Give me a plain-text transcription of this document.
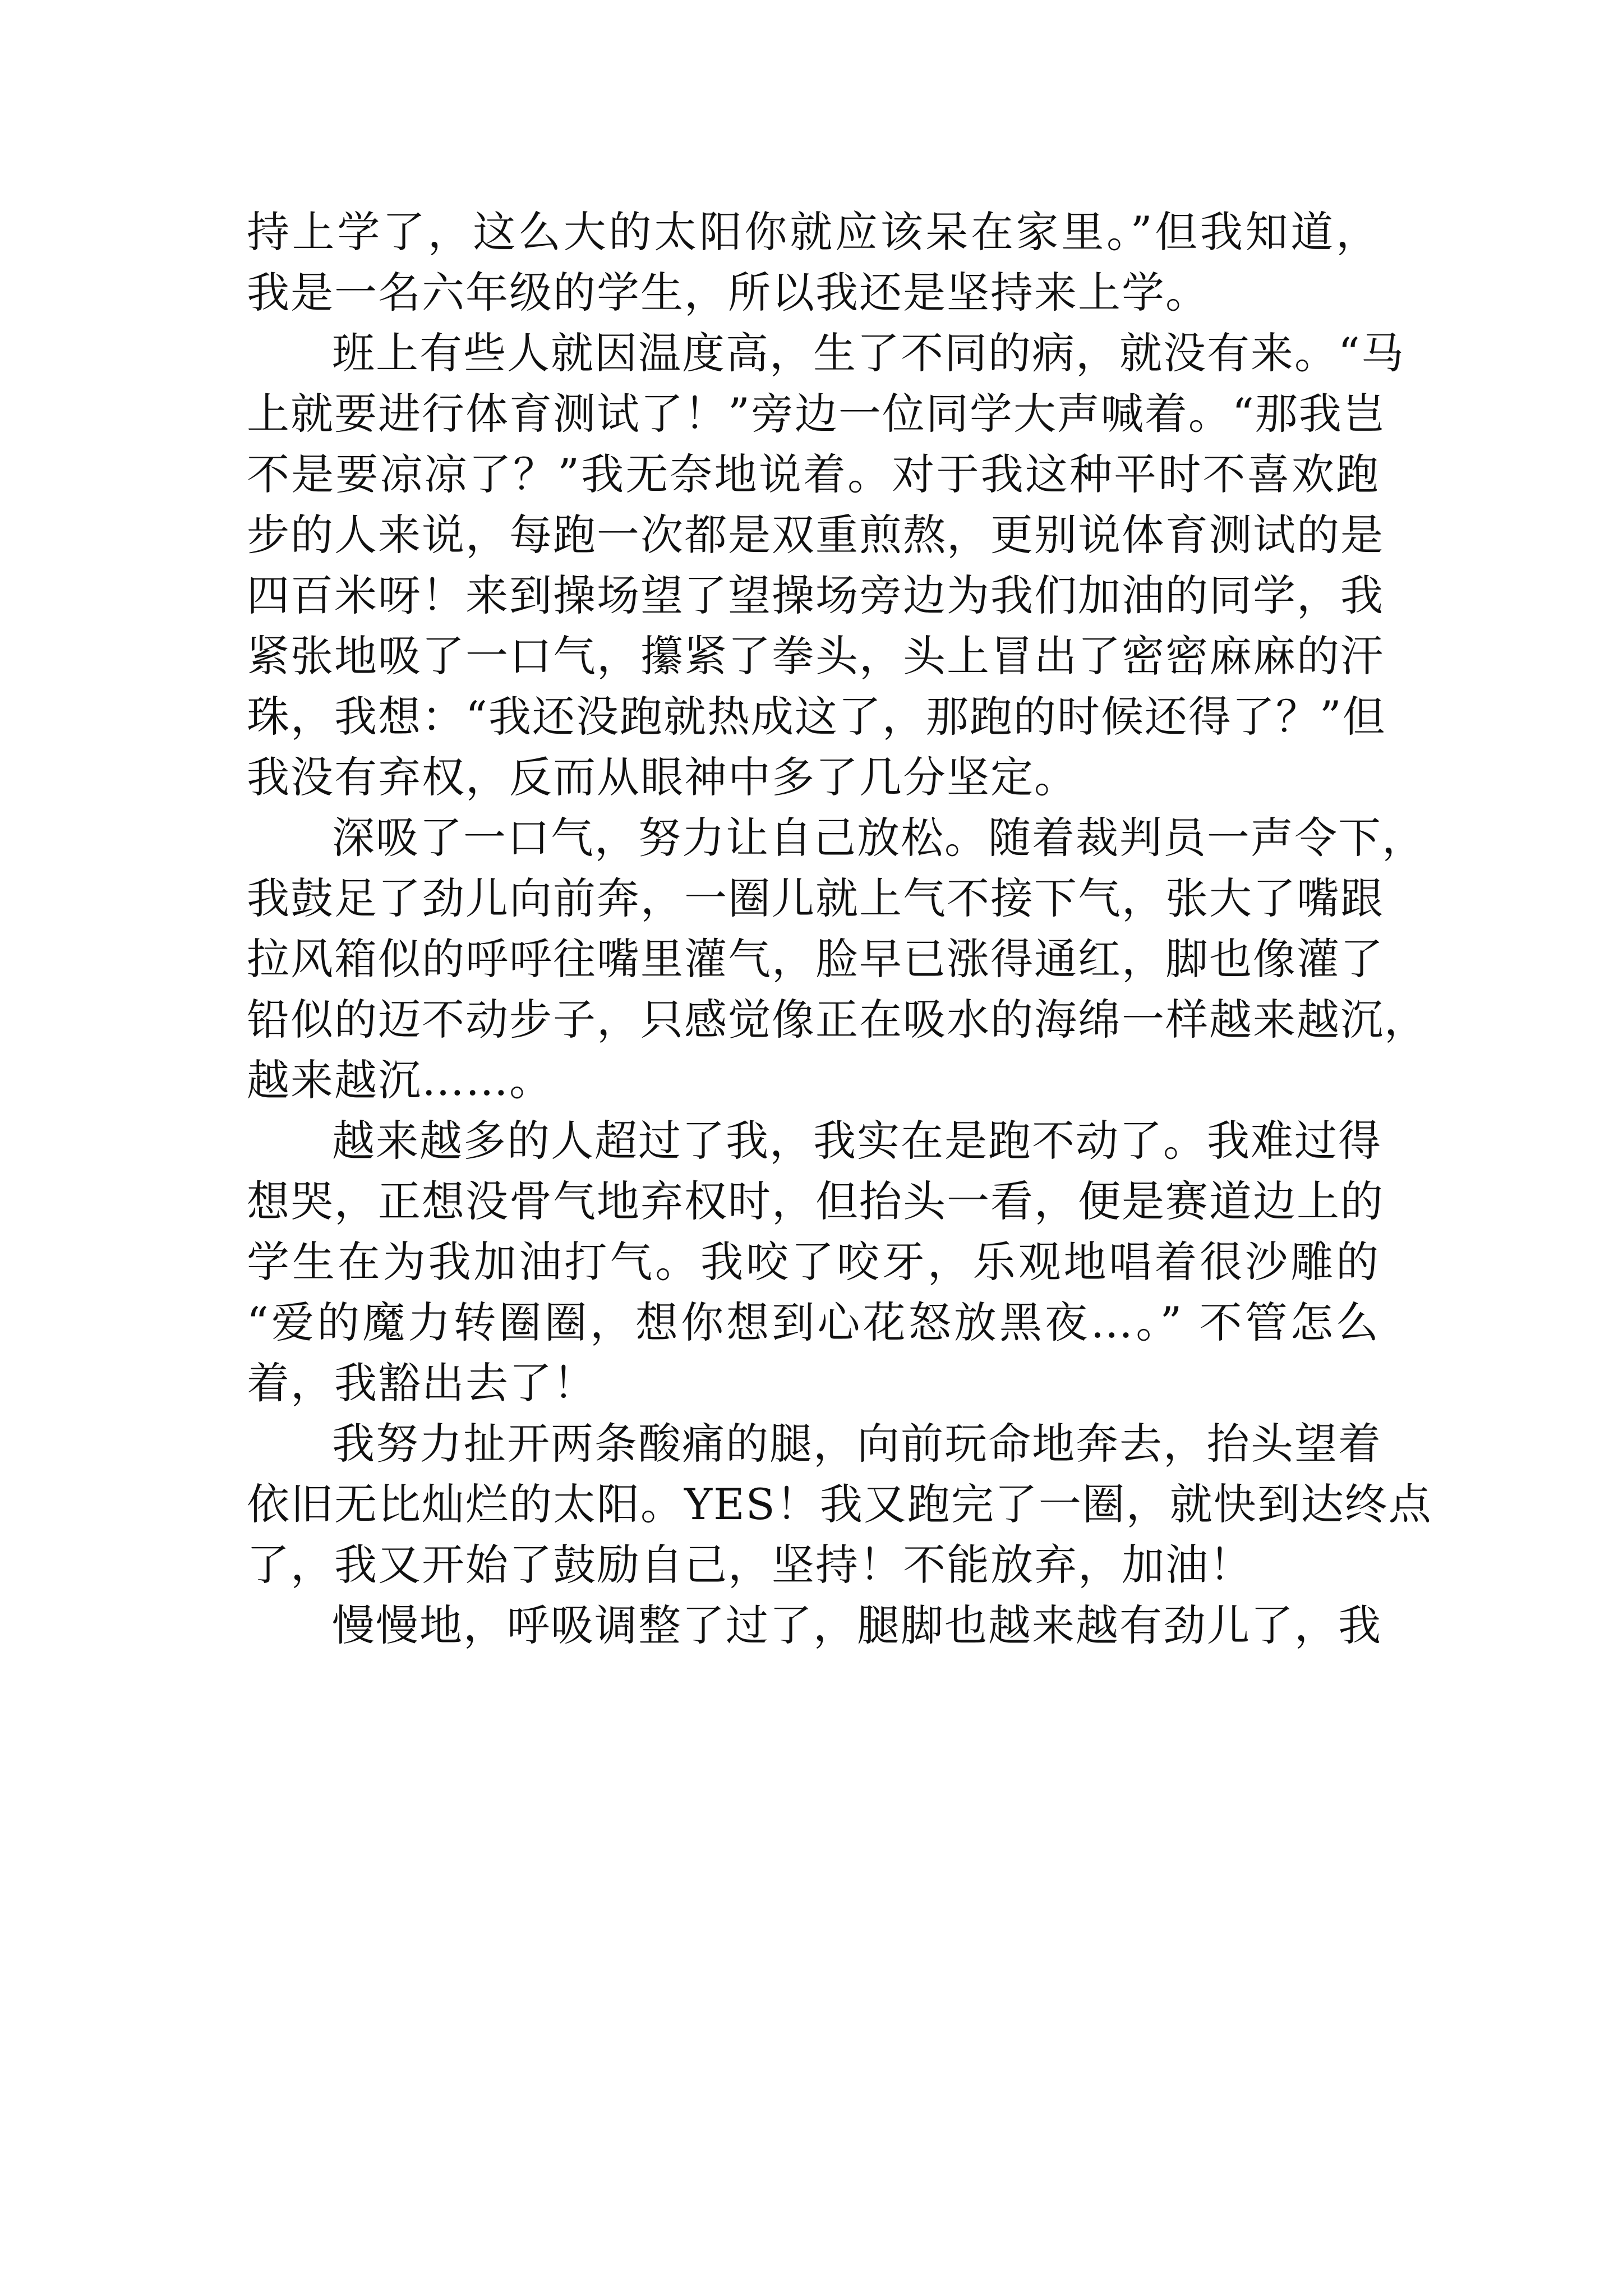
持上学了，这么大的太阳你就应该呆在家里。”但我知道，
我是一名六年级的学生，所以我还是坚持来上学。
班上有些人就因温度高，生了不同的病，就没有来。“马
上就要进行体育测试了！”旁边一位同学大声喊着。“那我岂
不是要凉凉了？”我无奈地说着。对于我这种平时不喜欢跑
步的人来说，每跑一次都是双重煎熬，更别说体育测试的是
四百米呀！来到操场望了望操场旁边为我们加油的同学，我
紧张地吸了一口气，攥紧了拳头，头上冒出了密密麻麻的汗
珠，我想：“我还没跑就热成这了，那跑的时候还得了？”但
我没有弃权，反而从眼神中多了几分坚定。
深吸了一口气，努力让自己放松。随着裁判员一声令下，
我鼓足了劲儿向前奔，一圈儿就上气不接下气，张大了嘴跟
拉风箱似的呼呼往嘴里灌气，脸早已涨得通红，脚也像灌了
铅似的迈不动步子，只感觉像正在吸水的海绵一样越来越沉，
越来越沉……。
越来越多的人超过了我，我实在是跑不动了。我难过得
想哭，正想没骨气地弃权时，但抬头一看，便是赛道边上的
学生在为我加油打气。我咬了咬牙，乐观地唱着很沙雕的
“爱的魔力转圈圈，想你想到心花怒放黑夜…。” 不管怎么
着，我豁出去了！
我努力扯开两条酸痛的腿，向前玩命地奔去，抬头望着
依旧无比灿烂的太阳。YES！我又跑完了一圈，就快到达终点
了，我又开始了鼓励自己，坚持！不能放弃，加油！
慢慢地，呼吸调整了过了，腿脚也越来越有劲儿了，我
